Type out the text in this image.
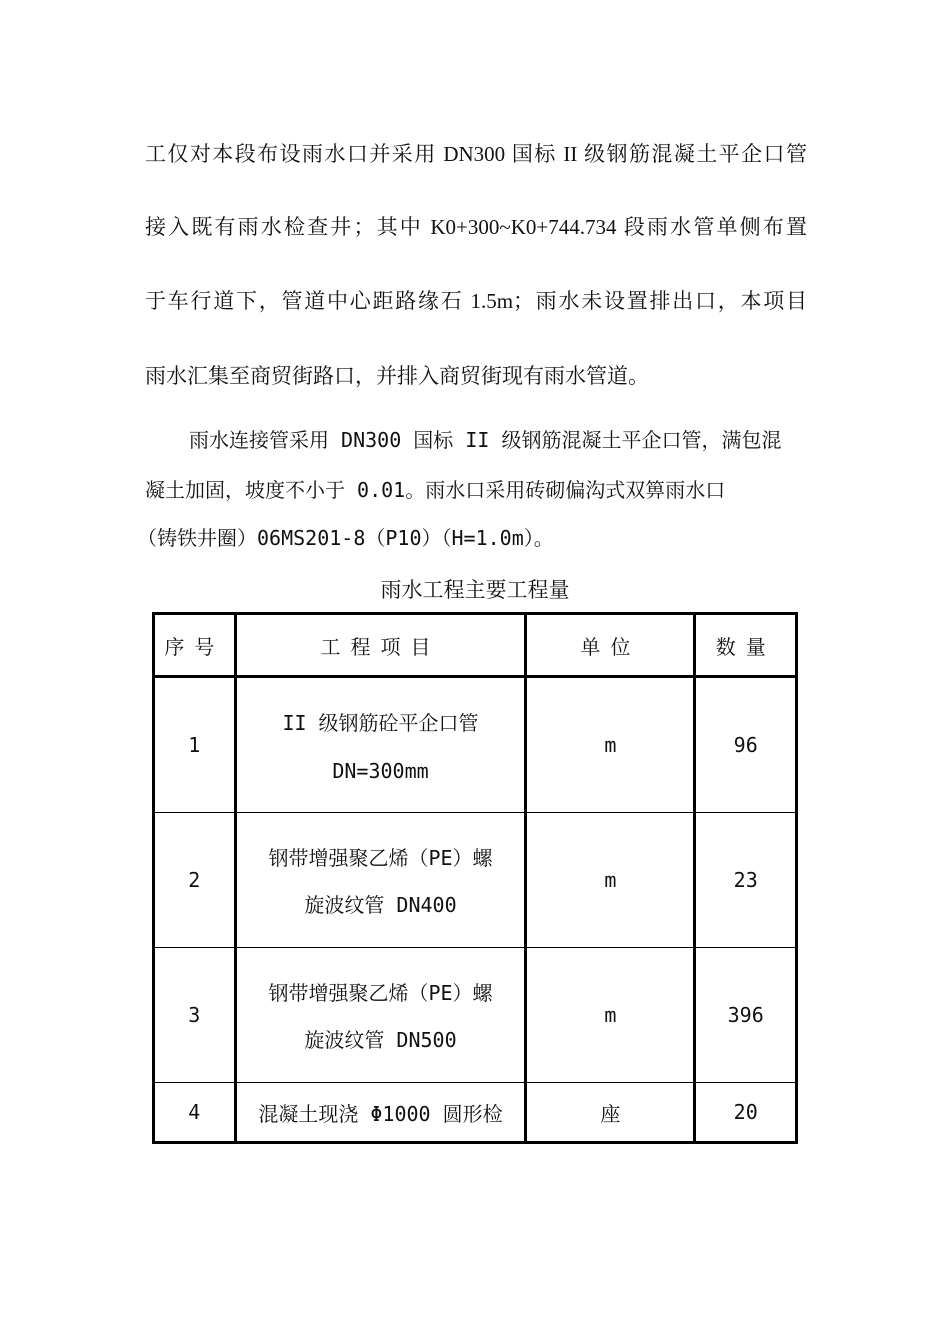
工仅对本段布设雨水口并采用 DN300 国标 II 级钢筋混凝土平企口管
接入既有雨水检查井；其中 K0+300~K0+744.734 段雨水管单侧布置
于车行道下，管道中心距路缘石 1.5m；雨水未设置排出口，本项目
雨水汇集至商贸街路口，并排入商贸街现有雨水管道。
雨水连接管采用 DN300 国标 II 级钢筋混凝土平企口管，满包混
凝土加固，坡度不小于 0.01。雨水口采用砖砌偏沟式双箅雨水口
（铸铁井圈）06MS201-8（P10）（H=1.0m）。
雨水工程主要工程量
序号	工程项目	单位	数量
1	II 级钢筋砼平企口管
DN=300mm	m	96
2	钢带增强聚乙烯（PE）螺
旋波纹管 DN400	m	23
3	钢带增强聚乙烯（PE）螺
旋波纹管 DN500	m	396
4	混凝土现浇 Φ1000 圆形检	座	20
